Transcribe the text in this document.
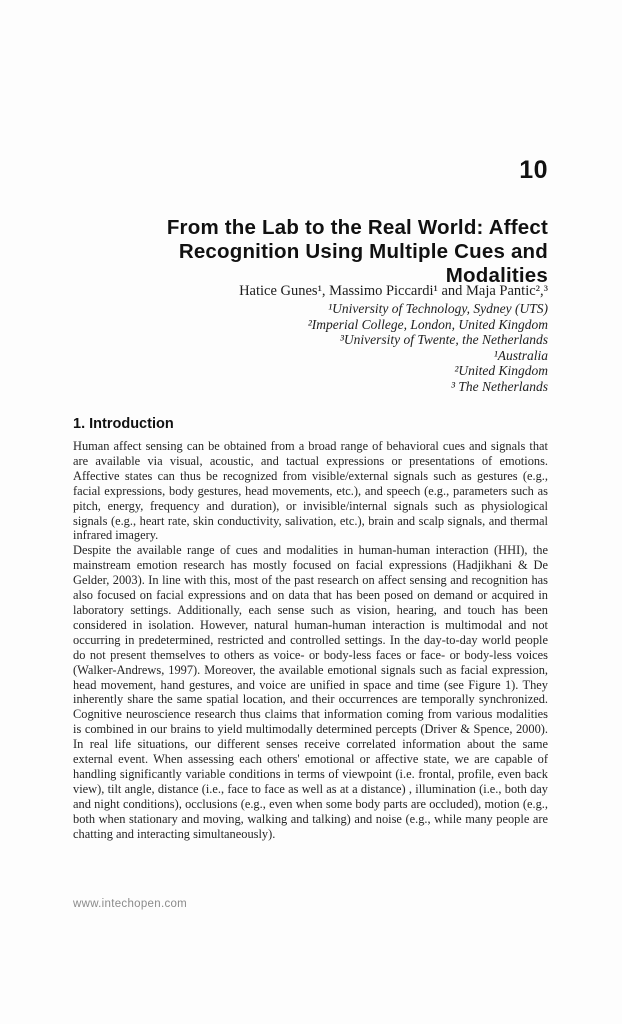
10
From the Lab to the Real World: Affect Recognition Using Multiple Cues and Modalities
Hatice Gunes¹, Massimo Piccardi¹ and Maja Pantic²,³
¹University of Technology, Sydney (UTS)
²Imperial College, London, United Kingdom
³University of Twente, the Netherlands
¹Australia
²United Kingdom
³ The Netherlands
1. Introduction

Human affect sensing can be obtained from a broad range of behavioral cues and signals that are available via visual, acoustic, and tactual expressions or presentations of emotions. Affective states can thus be recognized from visible/external signals such as gestures (e.g., facial expressions, body gestures, head movements, etc.), and speech (e.g., parameters such as pitch, energy, frequency and duration), or invisible/internal signals such as physiological signals (e.g., heart rate, skin conductivity, salivation, etc.), brain and scalp signals, and thermal infrared imagery.

Despite the available range of cues and modalities in human-human interaction (HHI), the mainstream emotion research has mostly focused on facial expressions (Hadjikhani & De Gelder, 2003). In line with this, most of the past research on affect sensing and recognition has also focused on facial expressions and on data that has been posed on demand or acquired in laboratory settings. Additionally, each sense such as vision, hearing, and touch has been considered in isolation. However, natural human-human interaction is multimodal and not occurring in predetermined, restricted and controlled settings. In the day-to-day world people do not present themselves to others as voice- or body-less faces or face- or body-less voices (Walker-Andrews, 1997). Moreover, the available emotional signals such as facial expression, head movement, hand gestures, and voice are unified in space and time (see Figure 1). They inherently share the same spatial location, and their occurrences are temporally synchronized. Cognitive neuroscience research thus claims that information coming from various modalities is combined in our brains to yield multimodally determined percepts (Driver & Spence, 2000). In real life situations, our different senses receive correlated information about the same external event. When assessing each others' emotional or affective state, we are capable of handling significantly variable conditions in terms of viewpoint (i.e. frontal, profile, even back view), tilt angle, distance (i.e., face to face as well as at a distance) , illumination (i.e., both day and night conditions), occlusions (e.g., even when some body parts are occluded), motion (e.g., both when stationary and moving, walking and talking) and noise (e.g., while many people are chatting and interacting simultaneously).

www.intechopen.com
